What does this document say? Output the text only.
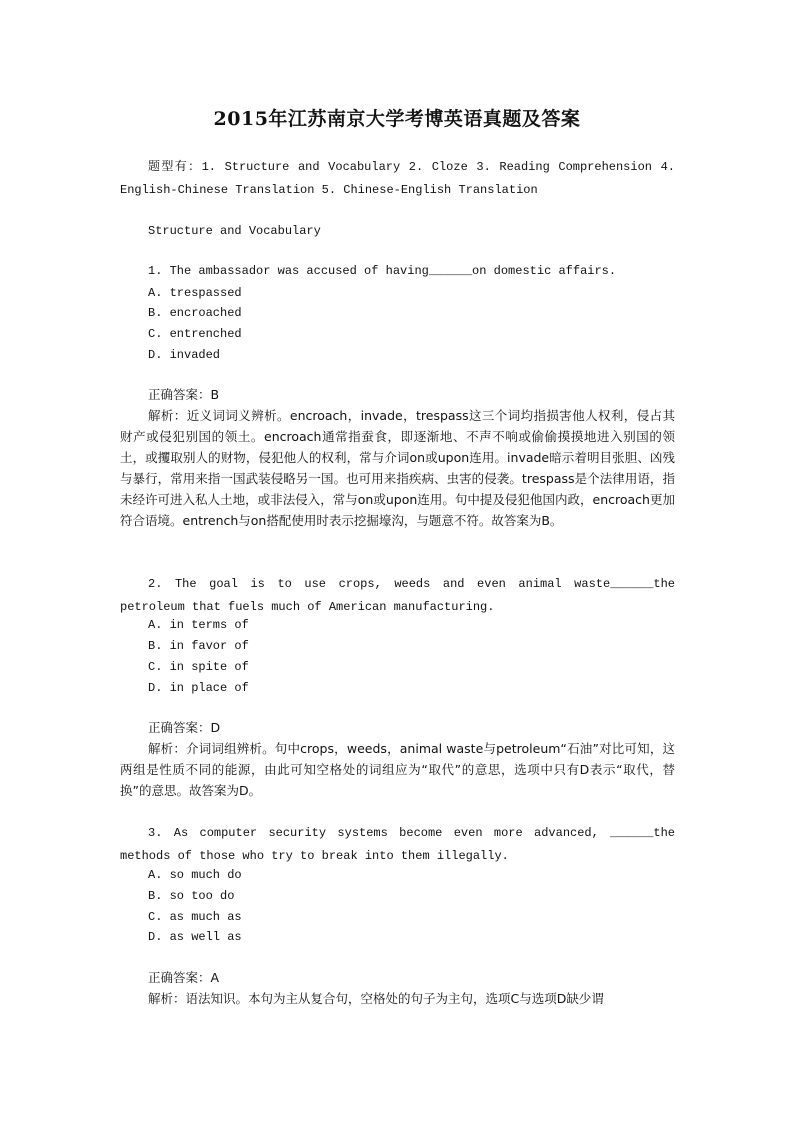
2015年江苏南京大学考博英语真题及答案
题型有：1. Structure and Vocabulary 2. Cloze 3. Reading Comprehension 4.
English-Chinese Translation 5. Chinese-English Translation
Structure and Vocabulary
1. The ambassador was accused of having______on domestic affairs.
A. trespassed
B. encroached
C. entrenched
D. invaded
正确答案：B
解析：近义词词义辨析。encroach，invade，trespass这三个词均指损害他人权利，侵占其财产或侵犯别国的领土。encroach通常指蚕食，即逐渐地、不声不响或偷偷摸摸地进入别国的领土，或攫取别人的财物，侵犯他人的权利，常与介词on或upon连用。invade暗示着明目张胆、凶残与暴行，常用来指一国武装侵略另一国。也可用来指疾病、虫害的侵袭。trespass是个法律用语，指未经许可进入私人土地，或非法侵入，常与on或upon连用。句中提及侵犯他国内政，encroach更加符合语境。entrench与on搭配使用时表示挖掘壕沟，与题意不符。故答案为B。
2. The goal is to use crops, weeds and even animal waste______the
petroleum that fuels much of American manufacturing.
A. in terms of
B. in favor of
C. in spite of
D. in place of
正确答案：D
解析：介词词组辨析。句中crops，weeds，animal waste与petroleum“石油”对比可知，这两组是性质不同的能源，由此可知空格处的词组应为“取代”的意思，选项中只有D表示“取代，替换”的意思。故答案为D。
3. As computer security systems become even more advanced, ______the
methods of those who try to break into them illegally.
A. so much do
B. so too do
C. as much as
D. as well as
正确答案：A
解析：语法知识。本句为主从复合句，空格处的句子为主句，选项C与选项D缺少谓
